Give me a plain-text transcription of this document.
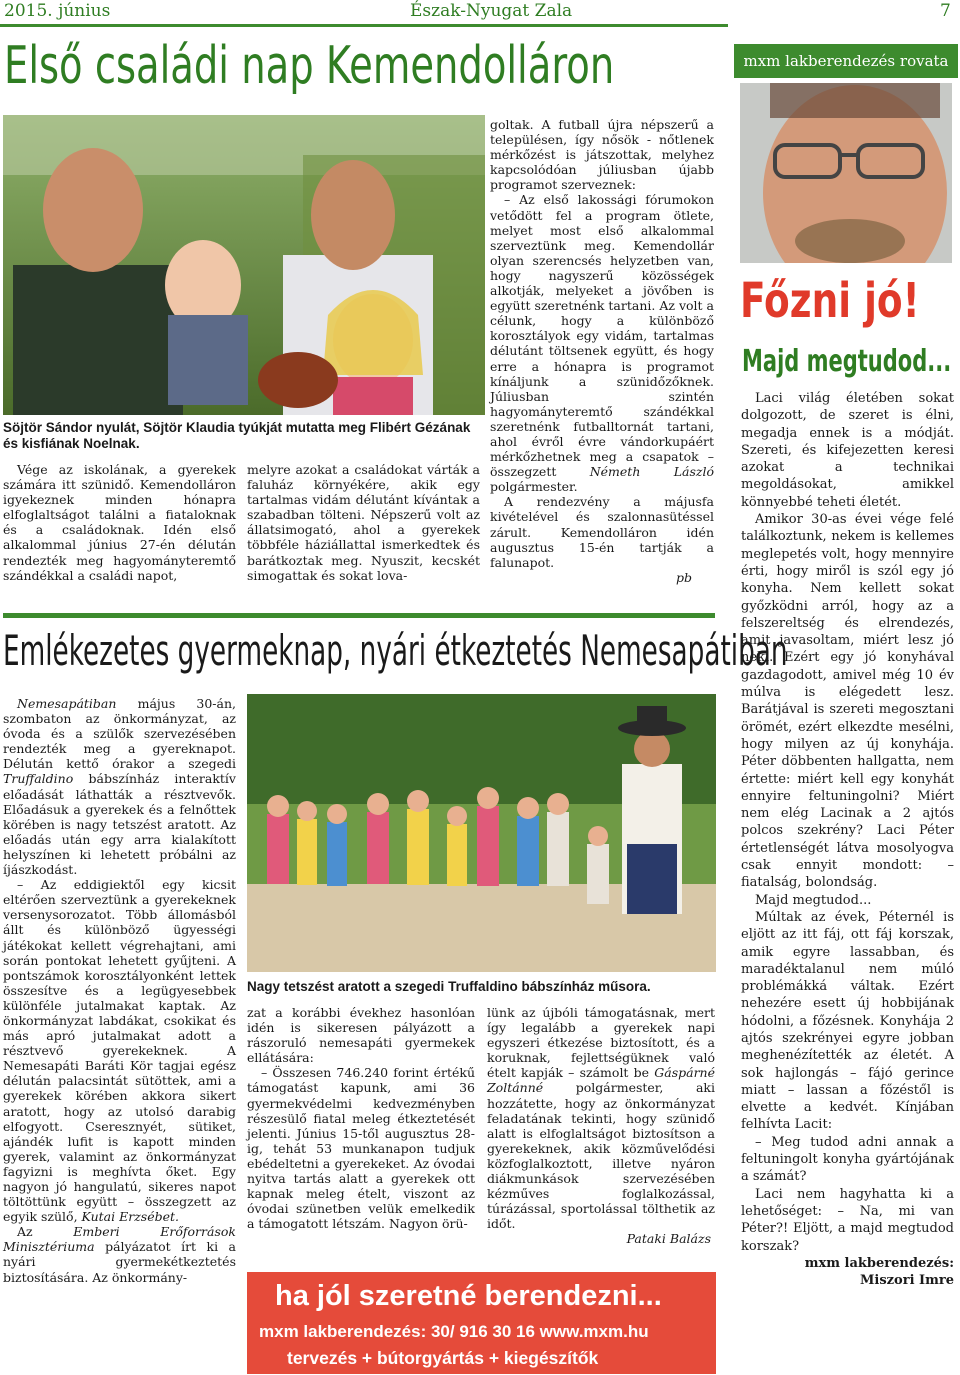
2015. június	Észak-Nyugat Zala	7
Első családi nap Kemendolláron
Söjtör Sándor nyulát, Söjtör Klaudia tyúkját mutatta meg Flibért Gézának és kisfiának Noelnak.

Vége az iskolának, a gyerekek számára itt szünidő. Kemendolláron igyekeznek minden hónapra elfoglaltságot találni a fiataloknak és a családoknak. Idén első alkalommal június 27-én délután rendezték meg hagyományteremtő szándékkal a családi napot,

melyre azokat a családokat várták a faluház környékére, akik egy tartalmas vidám délutánt kívántak a szabadban tölteni. Népszerű volt az állatsimogató, ahol a gyerekek többféle háziállattal ismerkedtek és barátkoztak meg. Nyuszit, kecskét simogattak és sokat lova-

goltak. A futball újra népszerű a településen, így nősök - nőtlenek mérkőzést is játszottak, melyhez kapcsolódóan júliusban újabb programot szerveznek:

– Az első lakossági fórumokon vetődött fel a program ötlete, melyet most első alkalommal szerveztünk meg. Kemendollár olyan szerencsés helyzetben van, hogy nagyszerű közösségek alkotják, melyeket a jövőben is együtt szeretnénk tartani. Az volt a célunk, hogy a különböző korosztályok egy vidám, tartalmas délutánt töltsenek együtt, és hogy erre a hónapra is programot kínáljunk a szünidőzőknek. Júliusban szintén hagyományteremtő szándékkal szeretnénk futballtornát tartani, ahol évről évre vándorkupáért mérkőzhetnek meg a csapatok – összegzett	Németh László polgármester.

A rendezvény a májusfa kivételével és szalonnasütéssel zárult. Kemendolláron idén augusztus 15-én tartják a falunapot.

pb
Emlékezetes gyermeknap, nyári étkeztetés Nemesapátiban
Nagy tetszést aratott a szegedi Truffaldino bábszínház műsora.

Nemesapátiban május 30-án, szombaton az önkormányzat, az óvoda és a szülők szervezésében rendezték meg a gyereknapot. Délután kettő órakor a szegedi Truffaldino bábszínház interaktív előadását láthatták a résztvevők. Előadásuk a gyerekek és a felnőttek körében is nagy tetszést aratott. Az előadás után egy arra kialakított helyszínen ki lehetett próbálni az íjászkodást.

– Az eddigiektől egy kicsit eltérően szerveztünk a gyerekeknek versenysorozatot. Több állomásból állt és különböző ügyességi játékokat kellett végrehajtani, ami során pontokat lehetett gyűjteni. A pontszámok korosztályonként lettek összesítve és a legügyesebbek különféle jutalmakat kaptak. Az önkormányzat labdákat, csokikat és más apró jutalmakat adott a résztvevő gyerekeknek. A Nemesapáti Baráti Kör tagjai egész délután palacsintát sütöttek, ami a gyerekek körében akkora sikert aratott, hogy az utolsó darabig elfogyott. Cseresznyét, sütiket, ajándék lufit is kapott minden gyerek, valamint az önkormányzat fagyizni is meghívta őket. Egy nagyon jó hangulatú, sikeres napot töltöttünk együtt – összegzett az egyik szülő, Kutai Erzsébet.

Az	Emberi Erőforrások Minisztériuma pályázatot írt ki a nyári gyermekétkeztetés biztosítására. Az önkormány-

zat a korábbi évekhez hasonlóan idén is sikeresen pályázott a rászoruló nemesapáti gyermekek ellátására:

– Összesen 746.240 forint értékű támogatást kapunk, ami 36 gyermekvédelmi kedvezményben részesülő fiatal meleg étkeztetését jelenti. Június 15-től augusztus 28-ig, tehát 53 munkanapon tudjuk ebédeltetni a gyerekeket. Az óvodai nyitva tartás alatt a gyerekek ott kapnak meleg ételt, viszont az óvodai szünetben velük emelkedik a támogatott létszám. Nagyon örü-

lünk az újbóli támogatásnak, mert így legalább a gyerekek napi egyszeri étkezése biztosított, és a koruknak, fejlettségüknek való ételt kapják – számolt be Gáspárné Zoltánné	polgármester, aki hozzátette, hogy az önkormányzat feladatának tekinti, hogy szünidő alatt is elfoglaltságot biztosítson a gyerekeknek, akik közművelődési közfoglalkoztott, illetve nyáron diákmunkások szervezésében kézműves foglalkozással, túrázással, sportolással tölthetik az időt.

Pataki Balázs
ha jól szeretné berendezni...
mxm lakberendezés: 30/ 916 30 16 www.mxm.hu
tervezés + bútorgyártás + kiegészítők
mxm lakberendezés rovata
Főzni jó!
Majd megtudod...

Laci világ életében sokat dolgozott, de szeret is élni, megadja ennek is a módját. Szereti, és kifejezetten keresi azokat a technikai megoldásokat, amikkel könnyebbé teheti életét.

Amikor 30-as évei vége felé találkoztunk, nekem is kellemes meglepetés volt, hogy mennyire érti, hogy miről is szól egy jó konyha. Nem kellett sokat győzködni arról, hogy az a felszereltség és elrendezés, amit javasoltam, miért lesz jó neki. Ezért egy jó konyhával gazdagodott, amivel még 10 év múlva is elégedett lesz. Barátjával is szereti megosztani örömét, ezért elkezdte mesélni, hogy milyen az új konyhája. Péter döbbenten hallgatta, nem értette: miért kell egy konyhát ennyire feltuningolni? Miért nem elég Lacinak a 2 ajtós polcos szekrény? Laci Péter értetlenségét látva mosolyogva csak ennyit mondott: – fiatalság, bolondság.

Majd megtudod...

Múltak az évek, Péternél is eljött az itt fáj, ott fáj korszak, amik egyre lassabban, és maradéktalanul nem múló problémákká váltak. Ezért nehezére esett új hobbijának hódolni, a főzésnek. Konyhája 2 ajtós szekrényei egyre jobban meghenézítették az életét. A sok hajlongás – fájó gerince miatt – lassan a főzéstől is elvette a kedvét. Kínjában felhívta Lacit:

– Meg tudod adni annak a feltuningolt konyha gyártójának a számát?

Laci nem hagyhatta ki a lehetőséget: – Na, mi van Péter?! Eljött, a majd megtudod korszak?

mxm lakberendezés:
Miszori Imre
